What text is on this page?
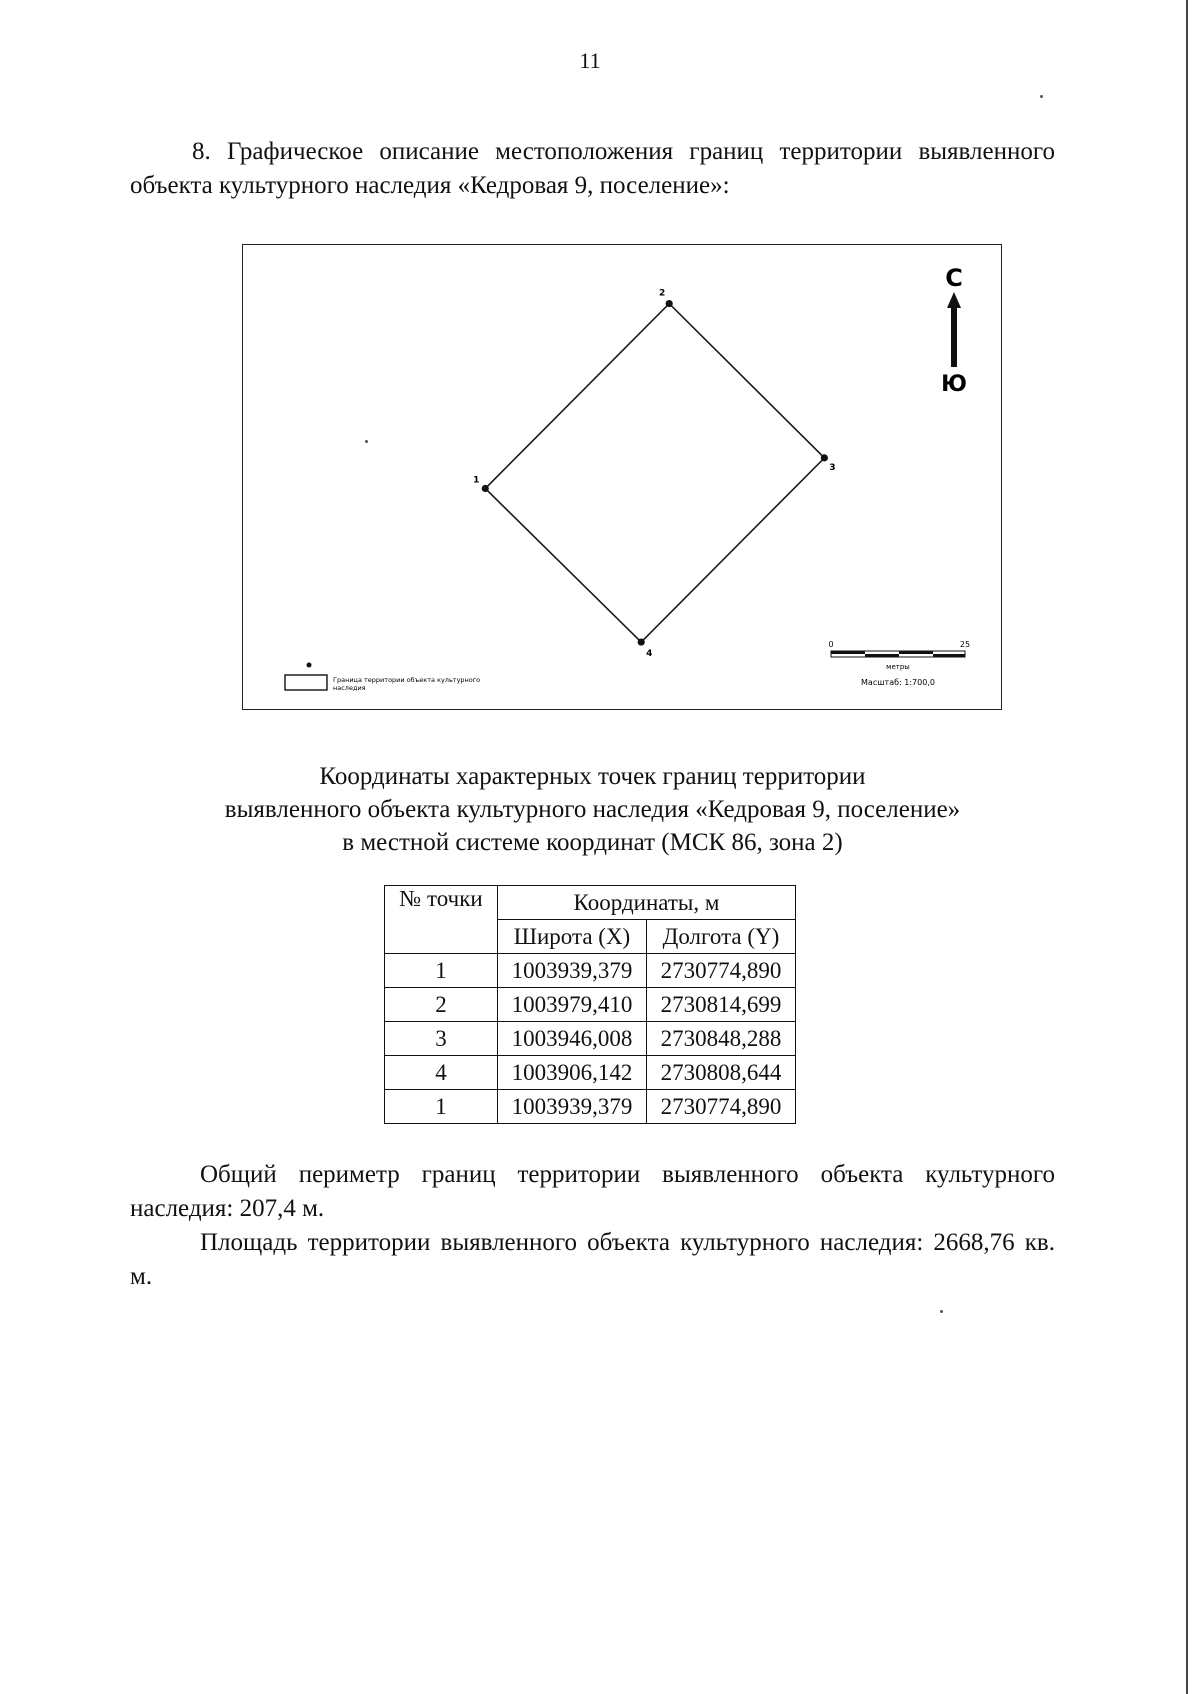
11
8. Графическое описание местоположения границ территории выявленного объекта культурного наследия «Кедровая 9, поселение»:
1
2
3
4
С
Ю
Граница территории объекта культурного
наследия
0	25
метры
Масштаб: 1:700,0
Координаты характерных точек границ территории
выявленного объекта культурного наследия «Кедровая 9, поселение»
в местной системе координат (МСК 86, зона 2)
№ точки	Координаты, м	
	Широта (X)	Долгота (Y)
1	1003939,379	2730774,890
2	1003979,410	2730814,699
3	1003946,008	2730848,288
4	1003906,142	2730808,644
1	1003939,379	2730774,890

Общий периметр границ территории выявленного объекта культурного наследия: 207,4 м.

Площадь территории выявленного объекта культурного наследия: 2668,76 кв. м.
